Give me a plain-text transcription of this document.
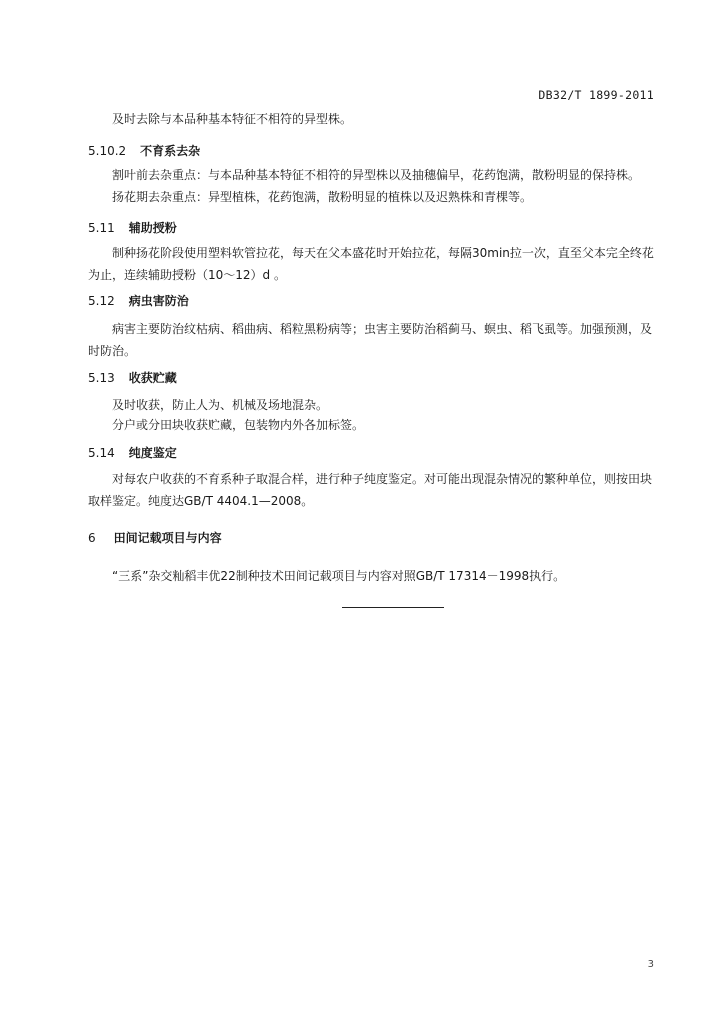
DB32/T 1899-2011
及时去除与本品种基本特征不相符的异型株。
5.10.2 不育系去杂
割叶前去杂重点：与本品种基本特征不相符的异型株以及抽穗偏早，花药饱满，散粉明显的保持株。
扬花期去杂重点：异型植株，花药饱满，散粉明显的植株以及迟熟株和青棵等。
5.11 辅助授粉
制种扬花阶段使用塑料软管拉花，每天在父本盛花时开始拉花，每隔30min拉一次，直至父本完全终花为止，连续辅助授粉（10～12）d 。
5.12 病虫害防治
病害主要防治纹枯病、稻曲病、稻粒黑粉病等；虫害主要防治稻蓟马、螟虫、稻飞虱等。加强预测，及时防治。
5.13 收获贮藏
及时收获，防止人为、机械及场地混杂。
分户或分田块收获贮藏，包装物内外各加标签。
5.14 纯度鉴定
对每农户收获的不育系种子取混合样，进行种子纯度鉴定。对可能出现混杂情况的繁种单位，则按田块取样鉴定。纯度达GB/T 4404.1—2008。
6 田间记载项目与内容
“三系”杂交籼稻丰优22制种技术田间记载项目与内容对照GB/T 17314－1998执行。
3
